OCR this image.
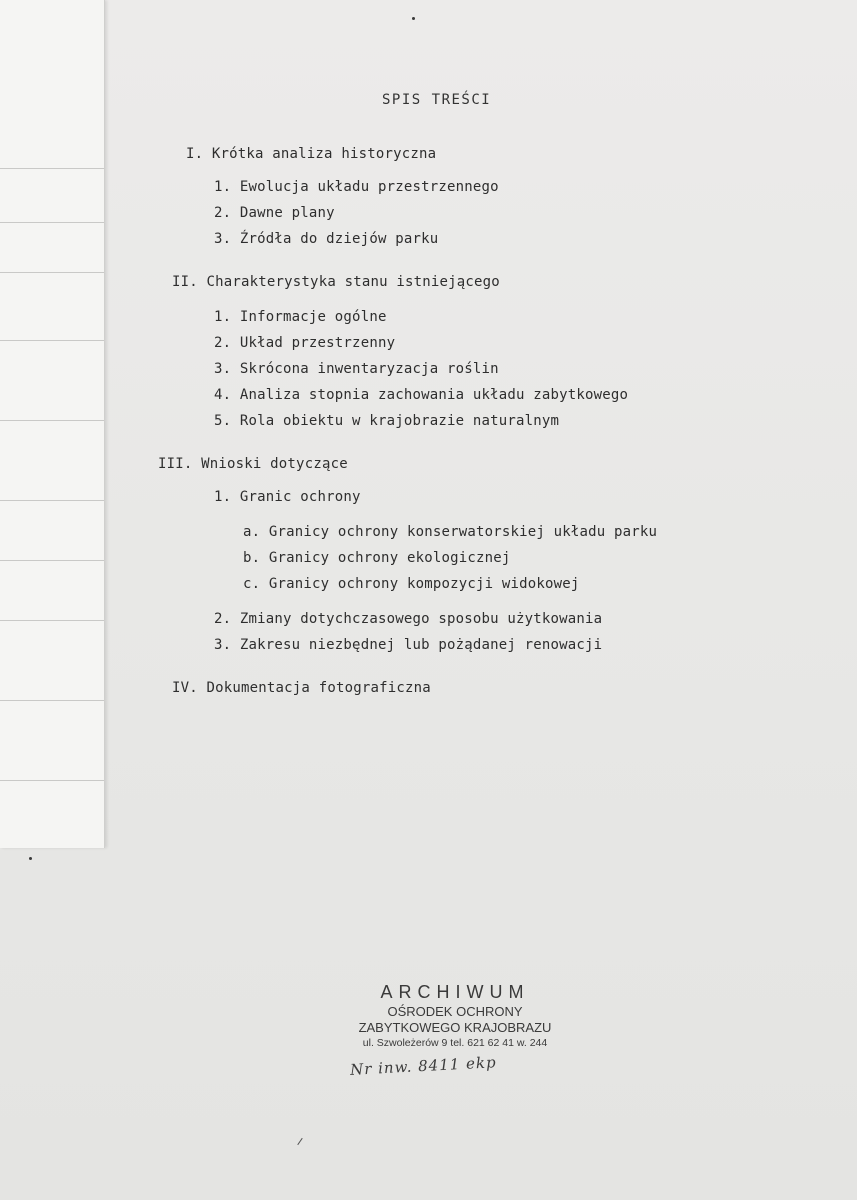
SPIS TREŚCI
I. Krótka analiza historyczna
1. Ewolucja układu przestrzennego
2. Dawne plany
3. Źródła do dziejów parku
II. Charakterystyka stanu istniejącego
1. Informacje ogólne
2. Układ przestrzenny
3. Skrócona inwentaryzacja roślin
4. Analiza stopnia zachowania układu zabytkowego
5. Rola obiektu w krajobrazie naturalnym
III. Wnioski dotyczące
1. Granic ochrony
a. Granicy ochrony konserwatorskiej układu parku
b. Granicy ochrony ekologicznej
c. Granicy ochrony kompozycji widokowej
2. Zmiany dotychczasowego sposobu użytkowania
3. Zakresu niezbędnej lub pożądanej renowacji
IV. Dokumentacja fotograficzna
ARCHIWUM
OŚRODEK OCHRONY
ZABYTKOWEGO KRAJOBRAZU
ul. Szwoleżerów 9 tel. 621 62 41 w. 244
Nr inw. 8411 ekp
